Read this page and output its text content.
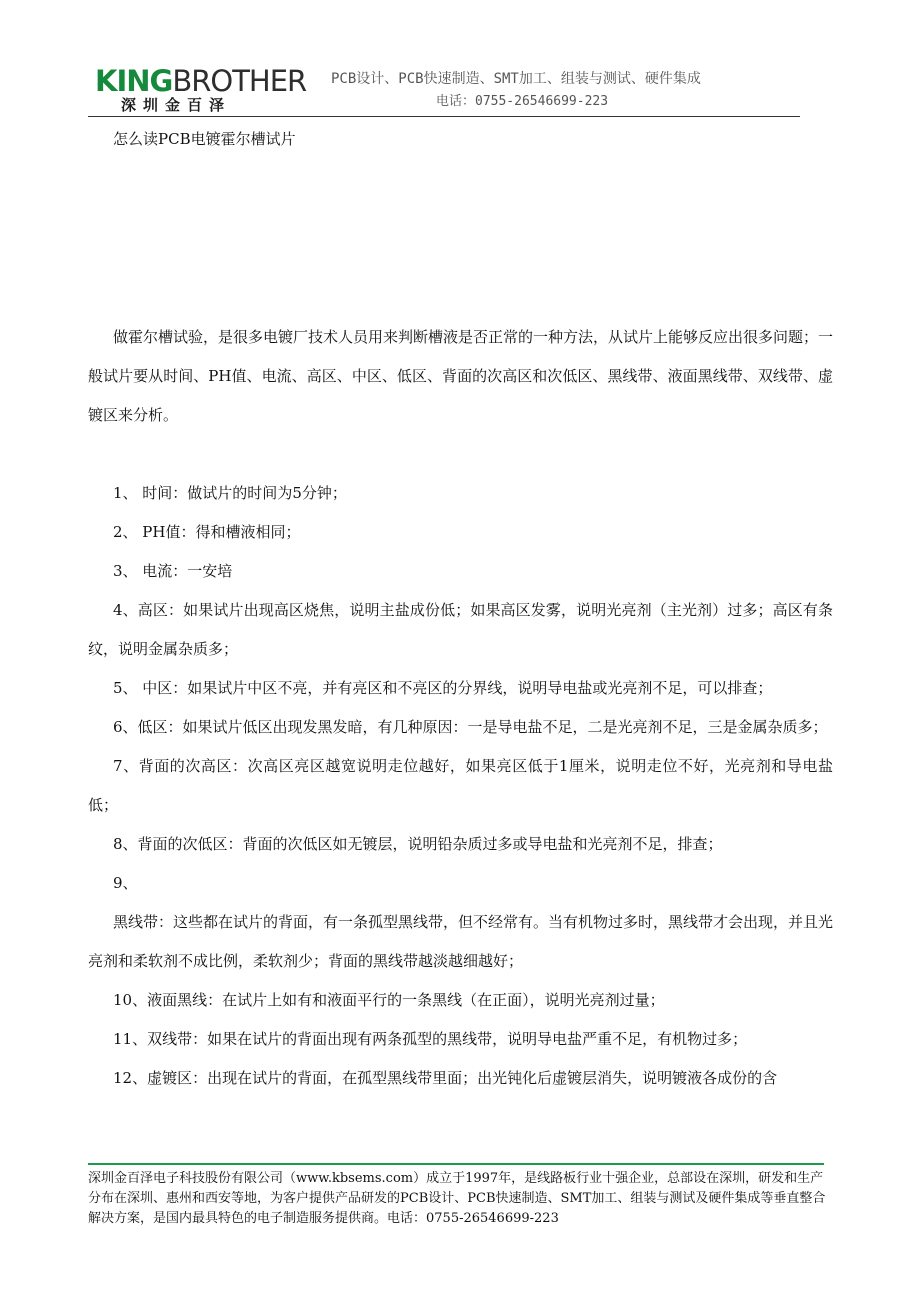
KINGBROTHER
深圳金百泽
PCB设计、PCB快速制造、SMT加工、组装与测试、硬件集成
电话：0755-26546699-223
怎么读PCB电镀霍尔槽试片

做霍尔槽试验，是很多电镀厂技术人员用来判断槽液是否正常的一种方法，从试片上能够反应出很多问题；一般试片要从时间、PH值、电流、高区、中区、低区、背面的次高区和次低区、黑线带、液面黑线带、双线带、虚镀区来分析。

1、 时间：做试片的时间为5分钟；

2、 PH值：得和槽液相同；

3、 电流：一安培

4、高区：如果试片出现高区烧焦，说明主盐成份低；如果高区发雾，说明光亮剂（主光剂）过多；高区有条纹，说明金属杂质多；

5、 中区：如果试片中区不亮，并有亮区和不亮区的分界线，说明导电盐或光亮剂不足，可以排查；

6、低区：如果试片低区出现发黑发暗，有几种原因：一是导电盐不足，二是光亮剂不足，三是金属杂质多；

7、背面的次高区：次高区亮区越宽说明走位越好，如果亮区低于1厘米，说明走位不好，光亮剂和导电盐低；

8、背面的次低区：背面的次低区如无镀层，说明铅杂质过多或导电盐和光亮剂不足，排查；

9、

黑线带：这些都在试片的背面，有一条孤型黑线带，但不经常有。当有机物过多时，黑线带才会出现，并且光亮剂和柔软剂不成比例，柔软剂少；背面的黑线带越淡越细越好；

10、液面黑线：在试片上如有和液面平行的一条黑线（在正面），说明光亮剂过量；

11、双线带：如果在试片的背面出现有两条孤型的黑线带，说明导电盐严重不足，有机物过多；

12、虚镀区：出现在试片的背面，在孤型黑线带里面；出光钝化后虚镀层消失，说明镀液各成份的含

深圳金百泽电子科技股份有限公司（www.kbsems.com）成立于1997年，是线路板行业十强企业，总部设在深圳，研发和生产分布在深圳、惠州和西安等地，为客户提供产品研发的PCB设计、PCB快速制造、SMT加工、组装与测试及硬件集成等垂直整合解决方案，是国内最具特色的电子制造服务提供商。电话：0755-26546699-223
